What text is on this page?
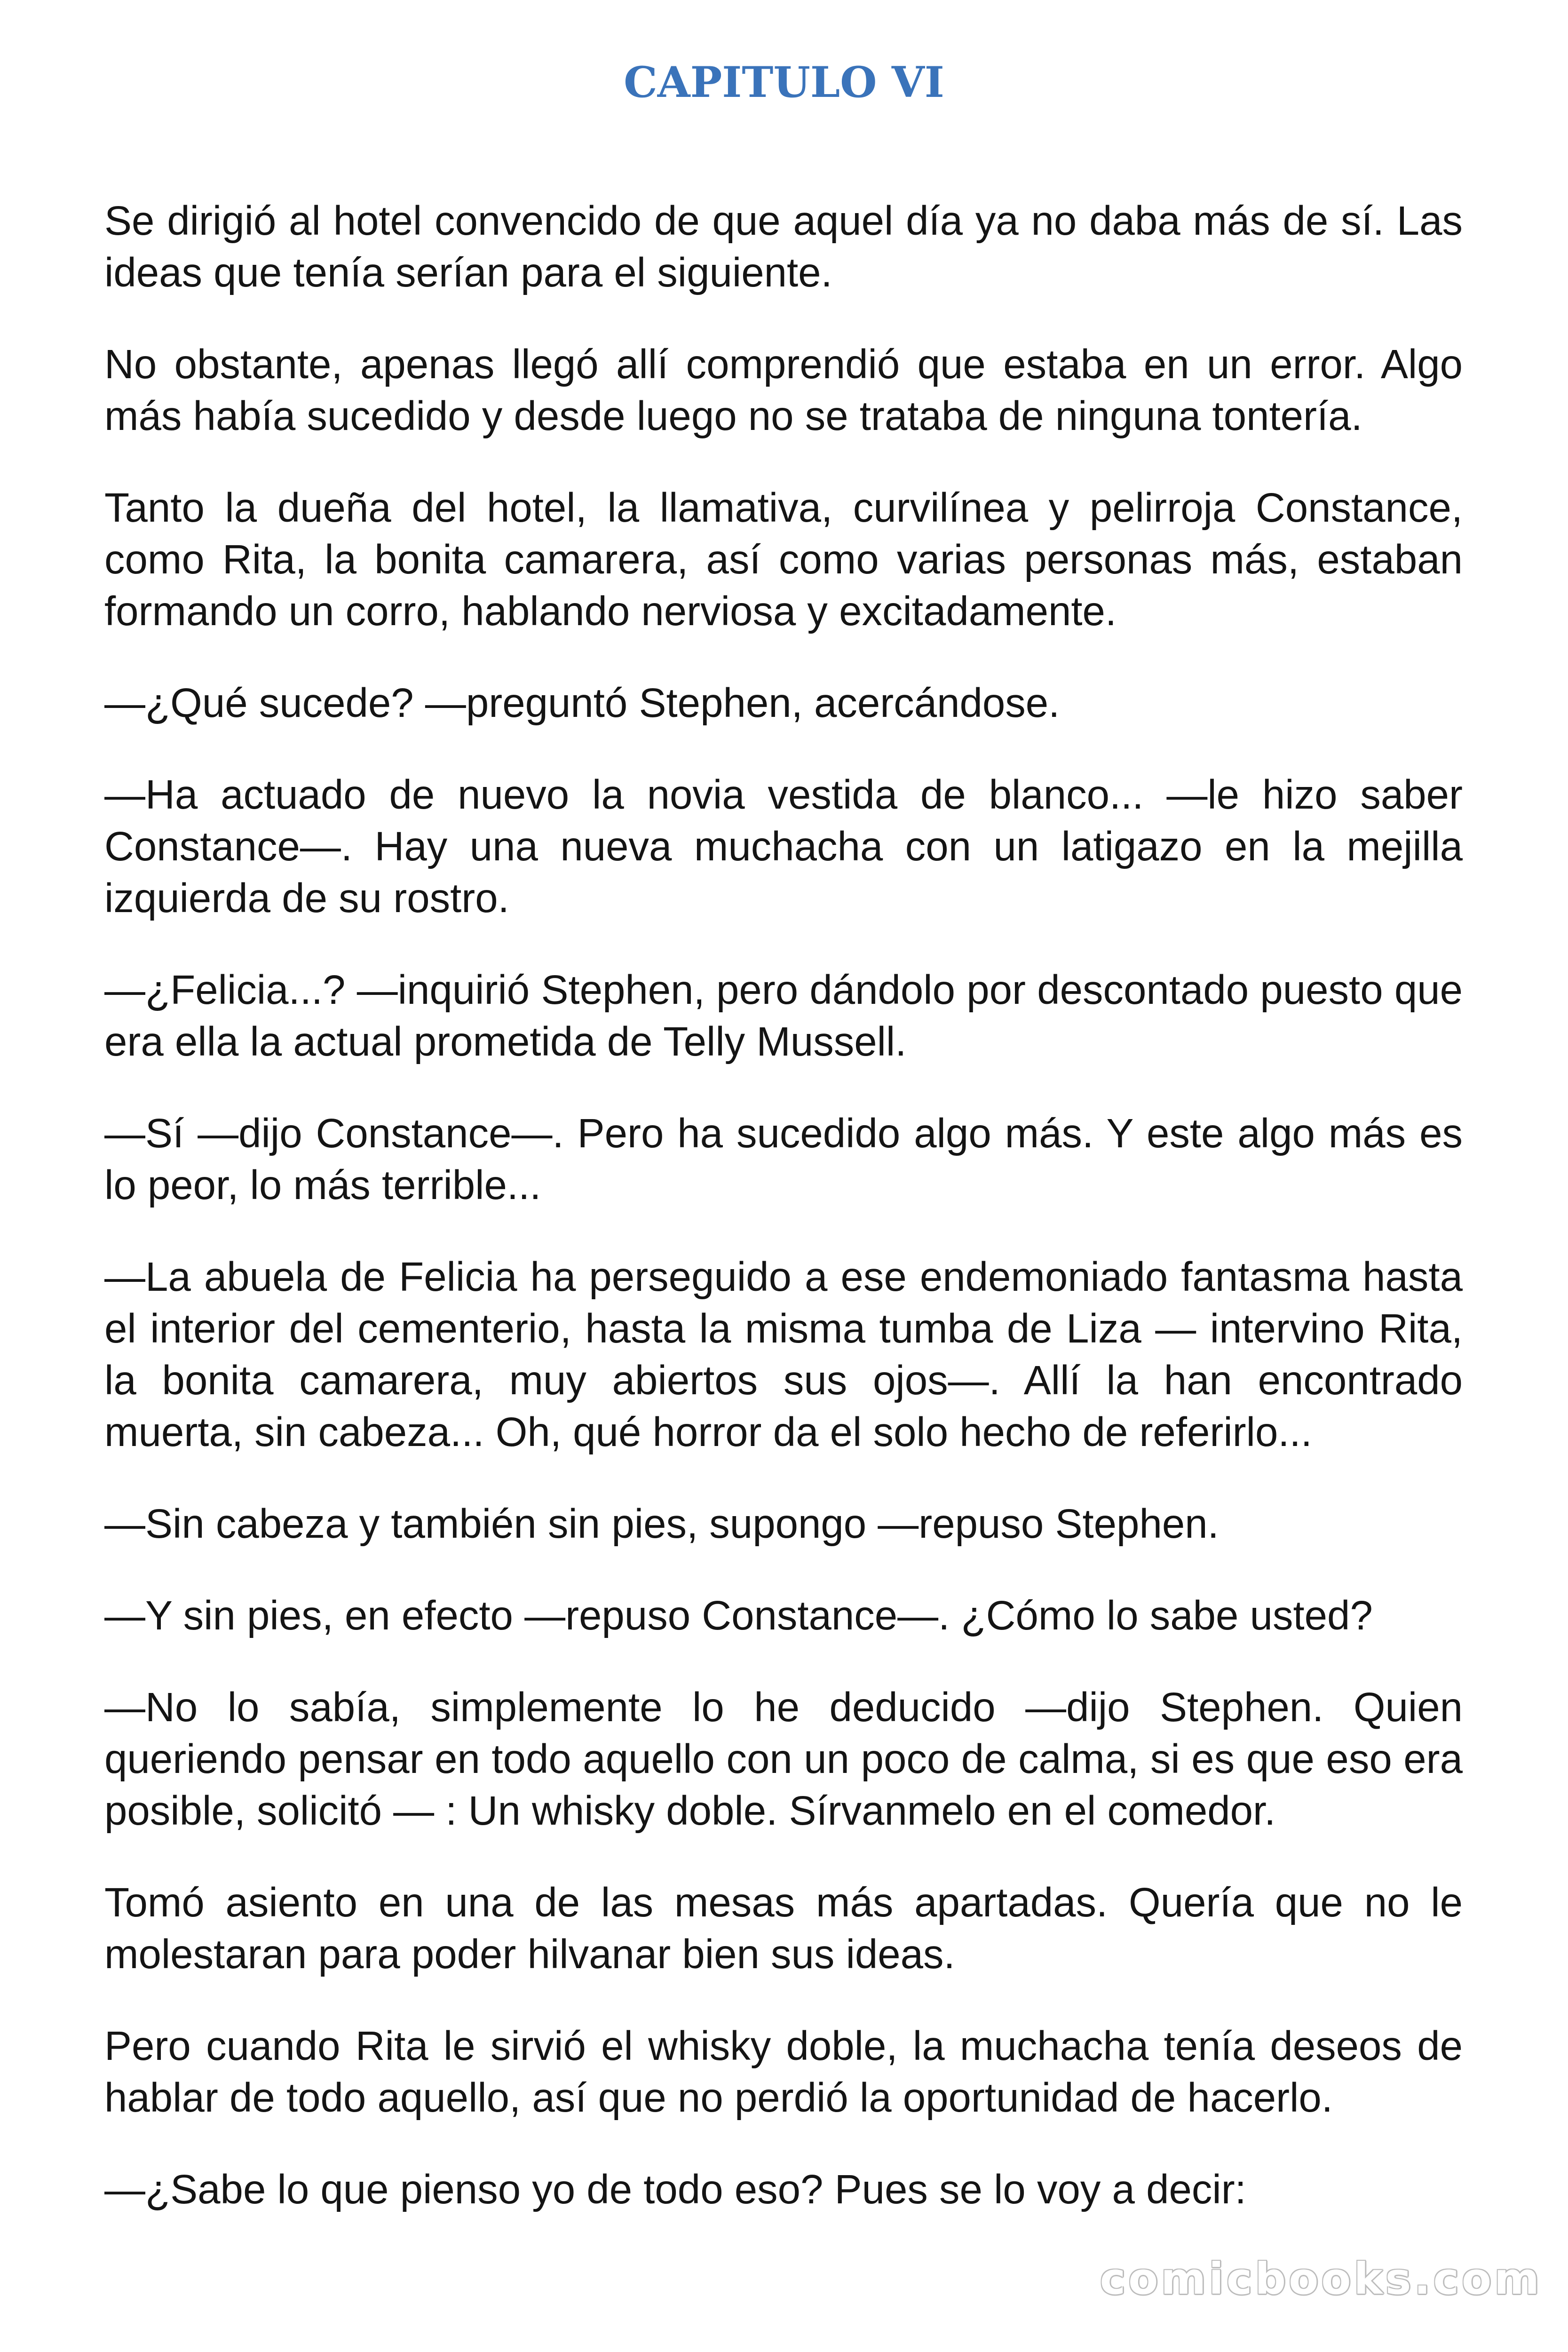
CAPITULO VI

Se dirigió al hotel convencido de que aquel día ya no daba más de sí. Las ideas que tenía serían para el siguiente.

No obstante, apenas llegó allí comprendió que estaba en un error. Algo más había sucedido y desde luego no se trataba de ninguna tontería.

Tanto la dueña del hotel, la llamativa, curvilínea y pelirroja Constance, como Rita, la bonita camarera, así como varias personas más, estaban formando un corro, hablando nerviosa y excitadamente.

—¿Qué sucede? —preguntó Stephen, acercándose.

—Ha actuado de nuevo la novia vestida de blanco... —le hizo saber Constance—. Hay una nueva muchacha con un latigazo en la mejilla izquierda de su rostro.

—¿Felicia...? —inquirió Stephen, pero dándolo por descontado puesto que era ella la actual prometida de Telly Mussell.

—Sí —dijo Constance—. Pero ha sucedido algo más. Y este algo más es lo peor, lo más terrible...

—La abuela de Felicia ha perseguido a ese endemoniado fantasma hasta el interior del cementerio, hasta la misma tumba de Liza — intervino Rita, la bonita camarera, muy abiertos sus ojos—. Allí la han encontrado muerta, sin cabeza... Oh, qué horror da el solo hecho de referirlo...

—Sin cabeza y también sin pies, supongo —repuso Stephen.

—Y sin pies, en efecto —repuso Constance—. ¿Cómo lo sabe usted?

—No lo sabía, simplemente lo he deducido —dijo Stephen. Quien queriendo pensar en todo aquello con un poco de calma, si es que eso era posible, solicitó — : Un whisky doble. Sírvanmelo en el comedor.

Tomó asiento en una de las mesas más apartadas. Quería que no le molestaran para poder hilvanar bien sus ideas.

Pero cuando Rita le sirvió el whisky doble, la muchacha tenía deseos de hablar de todo aquello, así que no perdió la oportunidad de hacerlo.

—¿Sabe lo que pienso yo de todo eso? Pues se lo voy a decir:

comicbooks.com
